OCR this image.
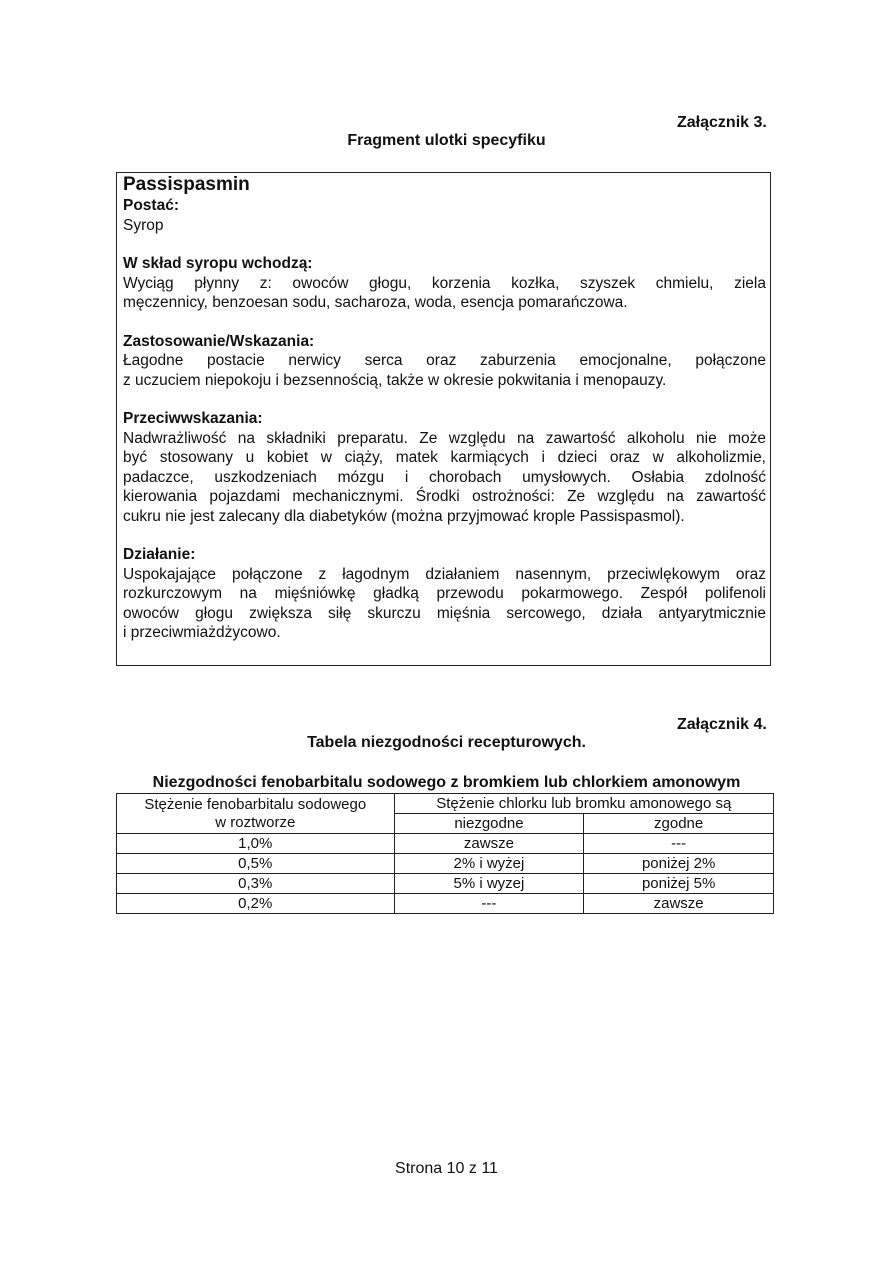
Załącznik 3.
Fragment ulotki specyfiku
Passispasmin
Postać:
Syrop
W skład syropu wchodzą:
Wyciąg płynny z: owoców głogu, korzenia kozłka, szyszek chmielu, ziela
męczennicy, benzoesan sodu, sacharoza, woda, esencja pomarańczowa.
Zastosowanie/Wskazania:
Łagodne postacie nerwicy serca oraz zaburzenia emocjonalne, połączone
z uczuciem niepokoju i bezsennością, także w okresie pokwitania i menopauzy.
Przeciwwskazania:
Nadwrażliwość na składniki preparatu. Ze względu na zawartość alkoholu nie może
być stosowany u kobiet w ciąży, matek karmiących i dzieci oraz w alkoholizmie,
padaczce, uszkodzeniach mózgu i chorobach umysłowych. Osłabia zdolność
kierowania pojazdami mechanicznymi. Środki ostrożności: Ze względu na zawartość
cukru nie jest zalecany dla diabetyków (można przyjmować krople Passispasmol).
Działanie:
Uspokajające połączone z łagodnym działaniem nasennym, przeciwlękowym oraz
rozkurczowym na mięśniówkę gładką przewodu pokarmowego. Zespół polifenoli
owoców głogu zwiększa siłę skurczu mięśnia sercowego, działa antyarytmicznie
i przeciwmiażdżycowo.
Załącznik 4.
Tabela niezgodności recepturowych.
Niezgodności fenobarbitalu sodowego z bromkiem lub chlorkiem amonowym
Stężenie fenobarbitalu sodowego
w roztworze	Stężenie chlorku lub bromku amonowego są	
	niezgodne	zgodne
1,0%	zawsze	---
0,5%	2% i wyżej	poniżej 2%
0,3%	5% i wyzej	poniżej 5%
0,2%	---	zawsze
Strona 10 z 11
